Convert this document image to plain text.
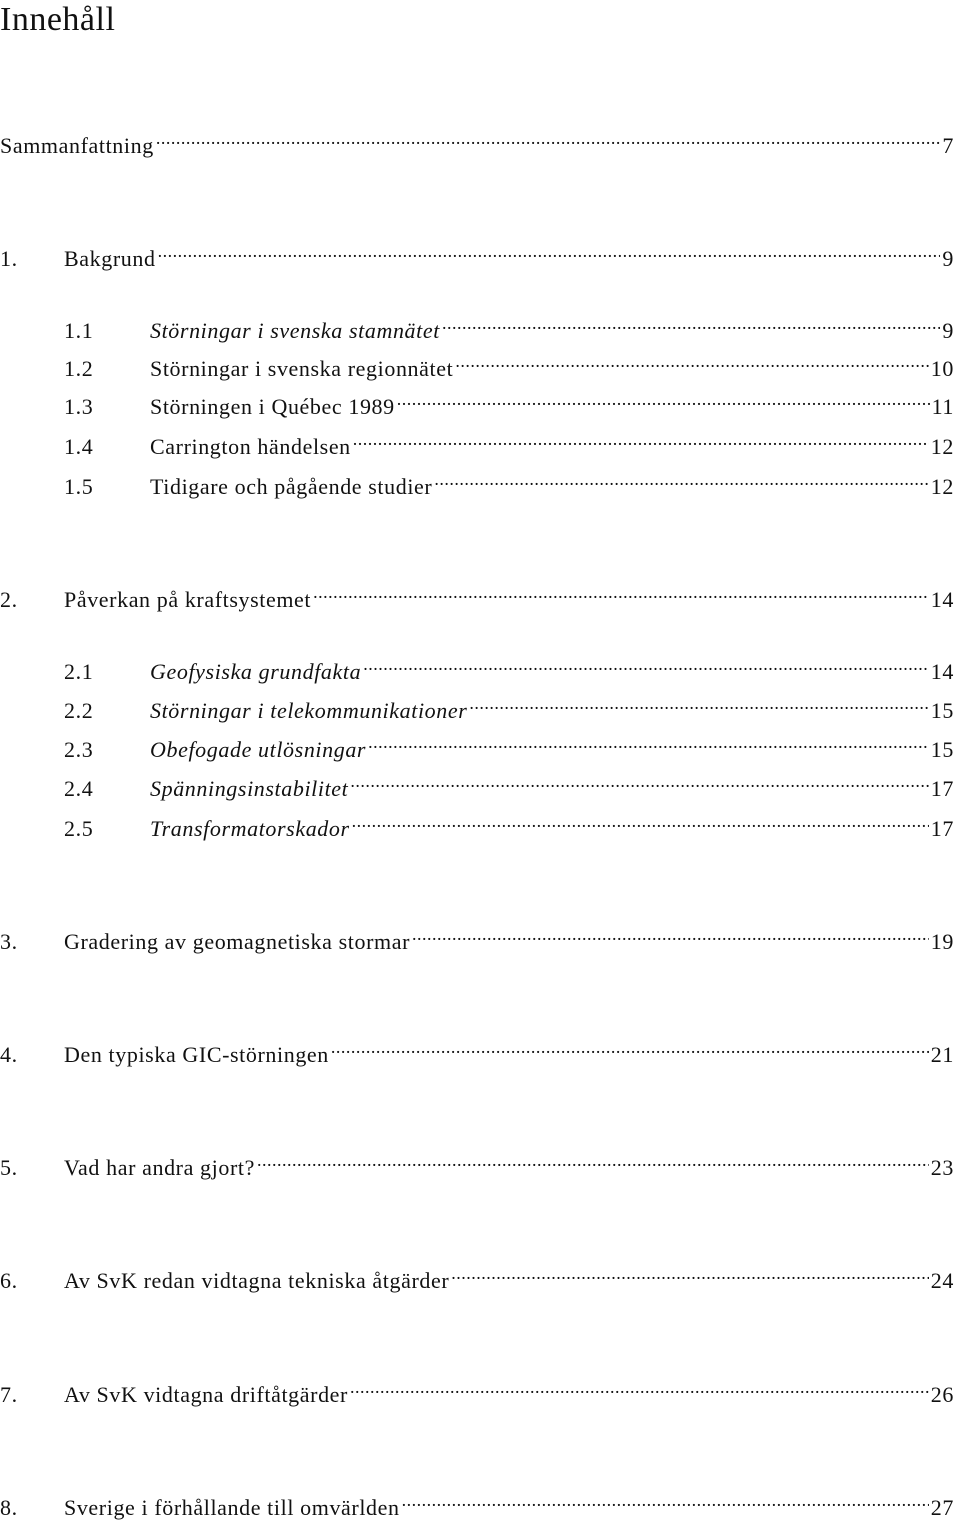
Innehåll
Sammanfattning .....	7
1.	Bakgrund .....	9
1.1	Störningar i svenska stamnätet .....	9
1.2	Störningar i svenska regionnätet .....	10
1.3	Störningen i Québec 1989 .....	11
1.4	Carrington händelsen .....	12
1.5	Tidigare och pågående studier .....	12
2.	Påverkan på kraftsystemet .....	14
2.1	Geofysiska grundfakta .....	14
2.2	Störningar i telekommunikationer .....	15
2.3	Obefogade utlösningar .....	15
2.4	Spänningsinstabilitet .....	17
2.5	Transformatorskador .....	17
3.	Gradering av geomagnetiska stormar .....	19
4.	Den typiska GIC-störningen .....	21
5.	Vad har andra gjort? .....	23
6.	Av SvK redan vidtagna tekniska åtgärder .....	24
7.	Av SvK vidtagna driftåtgärder .....	26
8.	Sverige i förhållande till omvärlden .....	27
